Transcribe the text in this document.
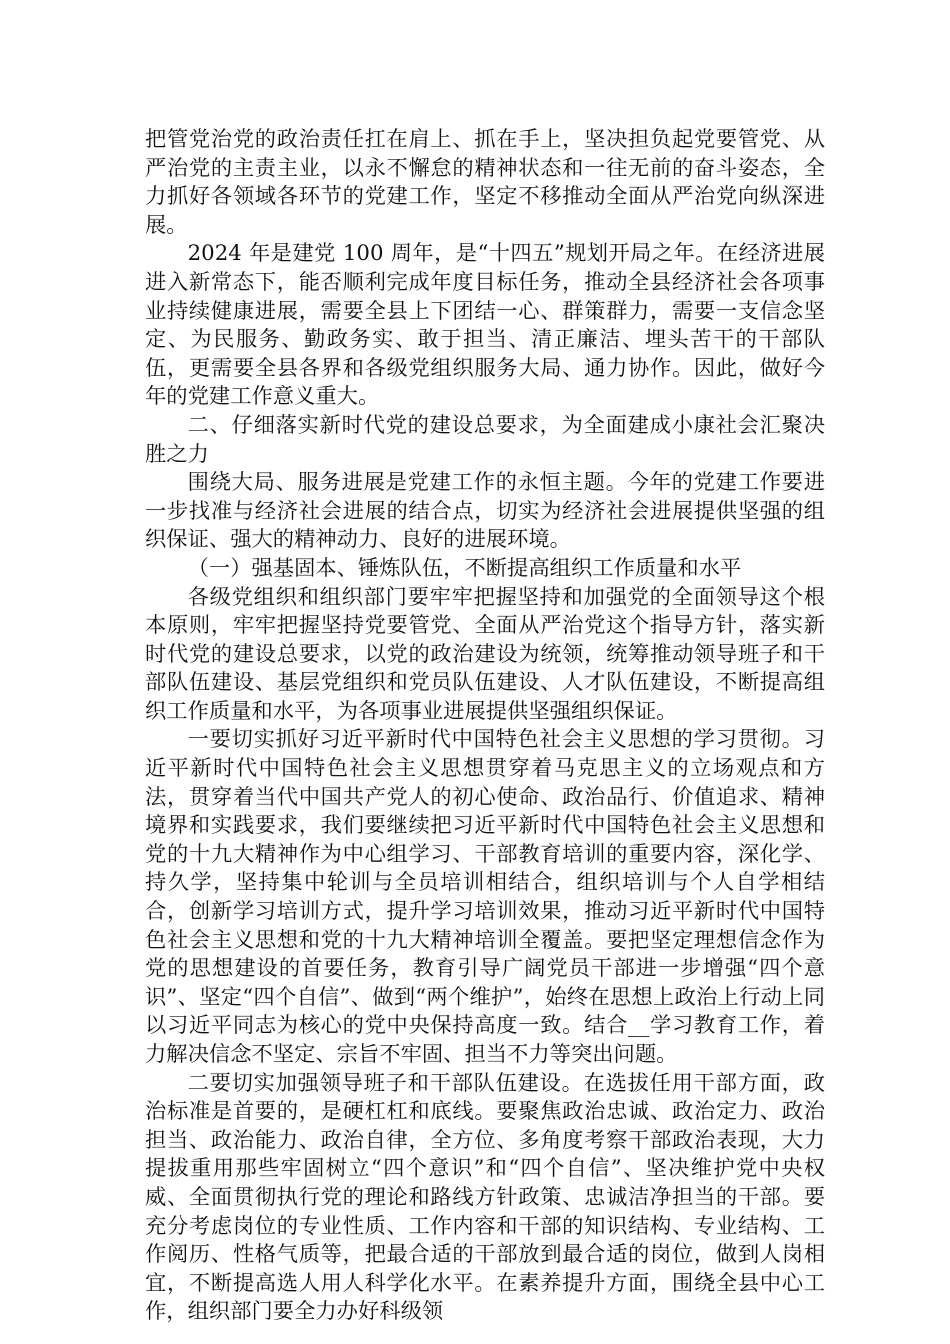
把管党治党的政治责任扛在肩上、抓在手上，坚决担负起党要管党、从严治党的主责主业，以永不懈怠的精神状态和一往无前的奋斗姿态，全力抓好各领域各环节的党建工作，坚定不移推动全面从严治党向纵深进展。

2024 年是建党 100 周年，是“十四五”规划开局之年。在经济进展进入新常态下，能否顺利完成年度目标任务，推动全县经济社会各项事业持续健康进展，需要全县上下团结一心、群策群力，需要一支信念坚定、为民服务、勤政务实、敢于担当、清正廉洁、埋头苦干的干部队伍，更需要全县各界和各级党组织服务大局、通力协作。因此，做好今年的党建工作意义重大。

二、仔细落实新时代党的建设总要求，为全面建成小康社会汇聚决胜之力

围绕大局、服务进展是党建工作的永恒主题。今年的党建工作要进一步找准与经济社会进展的结合点，切实为经济社会进展提供坚强的组织保证、强大的精神动力、良好的进展环境。

（一）强基固本、锤炼队伍，不断提高组织工作质量和水平

各级党组织和组织部门要牢牢把握坚持和加强党的全面领导这个根本原则，牢牢把握坚持党要管党、全面从严治党这个指导方针，落实新时代党的建设总要求，以党的政治建设为统领，统筹推动领导班子和干部队伍建设、基层党组织和党员队伍建设、人才队伍建设，不断提高组织工作质量和水平，为各项事业进展提供坚强组织保证。

一要切实抓好习近平新时代中国特色社会主义思想的学习贯彻。习近平新时代中国特色社会主义思想贯穿着马克思主义的立场观点和方法，贯穿着当代中国共产党人的初心使命、政治品行、价值追求、精神境界和实践要求，我们要继续把习近平新时代中国特色社会主义思想和党的十九大精神作为中心组学习、干部教育培训的重要内容，深化学、持久学，坚持集中轮训与全员培训相结合，组织培训与个人自学相结合，创新学习培训方式，提升学习培训效果，推动习近平新时代中国特色社会主义思想和党的十九大精神培训全覆盖。要把坚定理想信念作为党的思想建设的首要任务，教育引导广阔党员干部进一步增强“四个意识”、坚定“四个自信”、做到“两个维护”，始终在思想上政治上行动上同以习近平同志为核心的党中央保持高度一致。结合__学习教育工作，着力解决信念不坚定、宗旨不牢固、担当不力等突出问题。

二要切实加强领导班子和干部队伍建设。在选拔任用干部方面，政治标准是首要的，是硬杠杠和底线。要聚焦政治忠诚、政治定力、政治担当、政治能力、政治自律，全方位、多角度考察干部政治表现，大力提拔重用那些牢固树立“四个意识”和“四个自信”、坚决维护党中央权威、全面贯彻执行党的理论和路线方针政策、忠诚洁净担当的干部。要充分考虑岗位的专业性质、工作内容和干部的知识结构、专业结构、工作阅历、性格气质等，把最合适的干部放到最合适的岗位，做到人岗相宜，不断提高选人用人科学化水平。在素养提升方面，围绕全县中心工作，组织部门要全力办好科级领
